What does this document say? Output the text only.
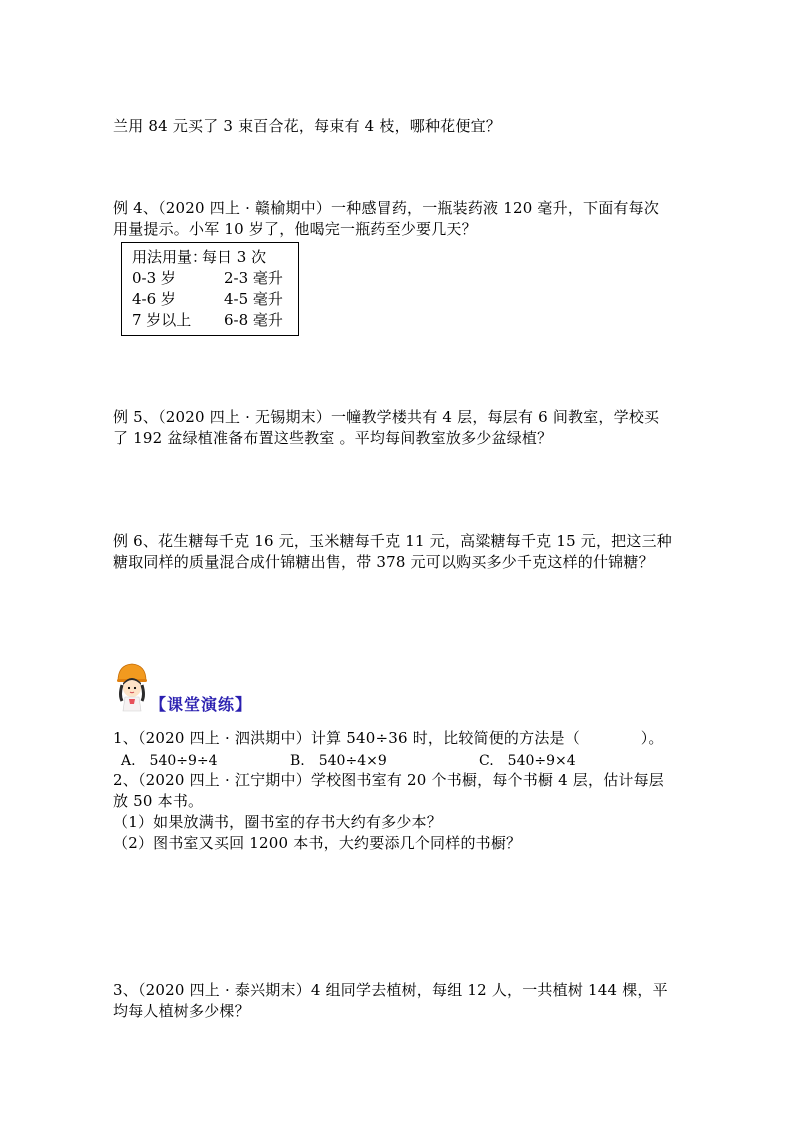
兰用 84 元买了 3 束百合花，每束有 4 枝，哪种花便宜？
例 4、（2020 四上 · 赣榆期中）一种感冒药，一瓶装药液 120 毫升，下面有每次
用量提示。小军 10 岁了，他喝完一瓶药至少要几天？
用法用量：
每日 3 次
0-3 岁	2-3 毫升
4-6 岁	4-5 毫升
7 岁以上 6-8 毫升
例 5、（2020 四上 · 无锡期末）一幢教学楼共有 4 层，每层有 6 间教室，学校买
了 192 盆绿植准备布置这些教室 。平均每间教室放多少盆绿植？
例 6、花生糖每千克 16 元，玉米糖每千克 11 元，高粱糖每千克 15 元，把这三种
糖取同样的质量混合成什锦糖出售，带 378 元可以购买多少千克这样的什锦糖？
【课堂演练】
1、（2020 四上 · 泗洪期中）计算 540÷36 时，比较简便的方法是（　　　　）。
A.　540÷9÷4	B.　540÷4×9	C.　540÷9×4
2、（2020 四上 · 江宁期中）学校图书室有 20 个书橱，每个书橱 4 层，估计每层
放 50 本书。
（1）如果放满书，圈书室的存书大约有多少本？
（2）图书室又买回 1200 本书，大约要添几个同样的书橱？
3、（2020 四上 · 泰兴期末）4 组同学去植树，每组 12 人，一共植树 144 棵，平
均每人植树多少棵？
